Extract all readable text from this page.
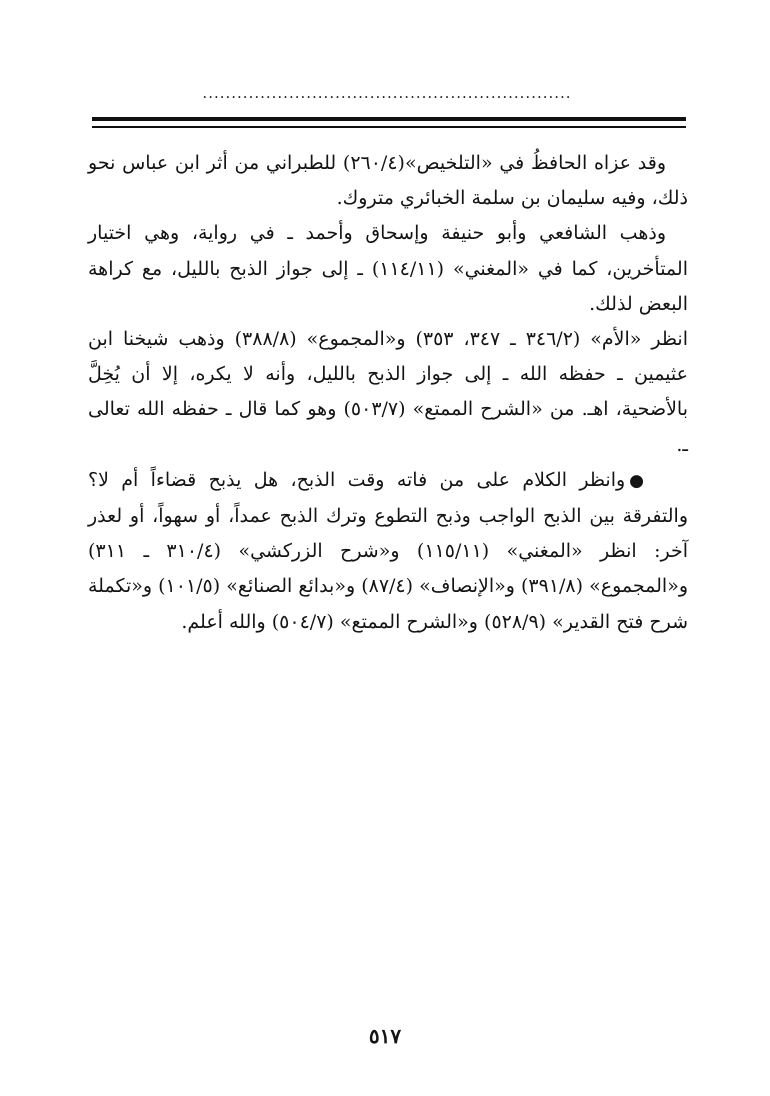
................................................................

وقد عزاه الحافظُ في «التلخيص»(٢٦٠/٤) للطبراني من أثر ابن عباس نحو ذلك، وفيه سليمان بن سلمة الخبائري متروك.

وذهب الشافعي وأبو حنيفة وإسحاق وأحمد ـ في رواية، وهي اختيار المتأخرين، كما في «المغني» (١١٤/١١) ـ إلى جواز الذبح بالليل، مع كراهة البعض لذلك.

انظر «الأم» (٣٤٦/٢ ـ ٣٤٧، ٣٥٣) و«المجموع» (٣٨٨/٨) وذهب شيخنا ابن عثيمين ـ حفظه الله ـ إلى جواز الذبح بالليل، وأنه لا يكره، إلا أن يُخِلَّ بالأضحية، اهـ. من «الشرح الممتع» (٥٠٣/٧) وهو كما قال ـ حفظه الله تعالى ـ.

●وانظر الكلام على من فاته وقت الذبح، هل يذبح قضاءاً أم لا؟ والتفرقة بين الذبح الواجب وذبح التطوع وترك الذبح عمداً، أو سهواً، أو لعذر آخر: انظر «المغني» (١١٥/١١) و«شرح الزركشي» (٣١٠/٤ ـ ٣١١) و«المجموع» (٣٩١/٨) و«الإنصاف» (٨٧/٤) و«بدائع الصنائع» (١٠١/٥) و«تكملة شرح فتح القدير» (٥٢٨/٩) و«الشرح الممتع» (٥٠٤/٧) والله أعلم.

٥١٧
